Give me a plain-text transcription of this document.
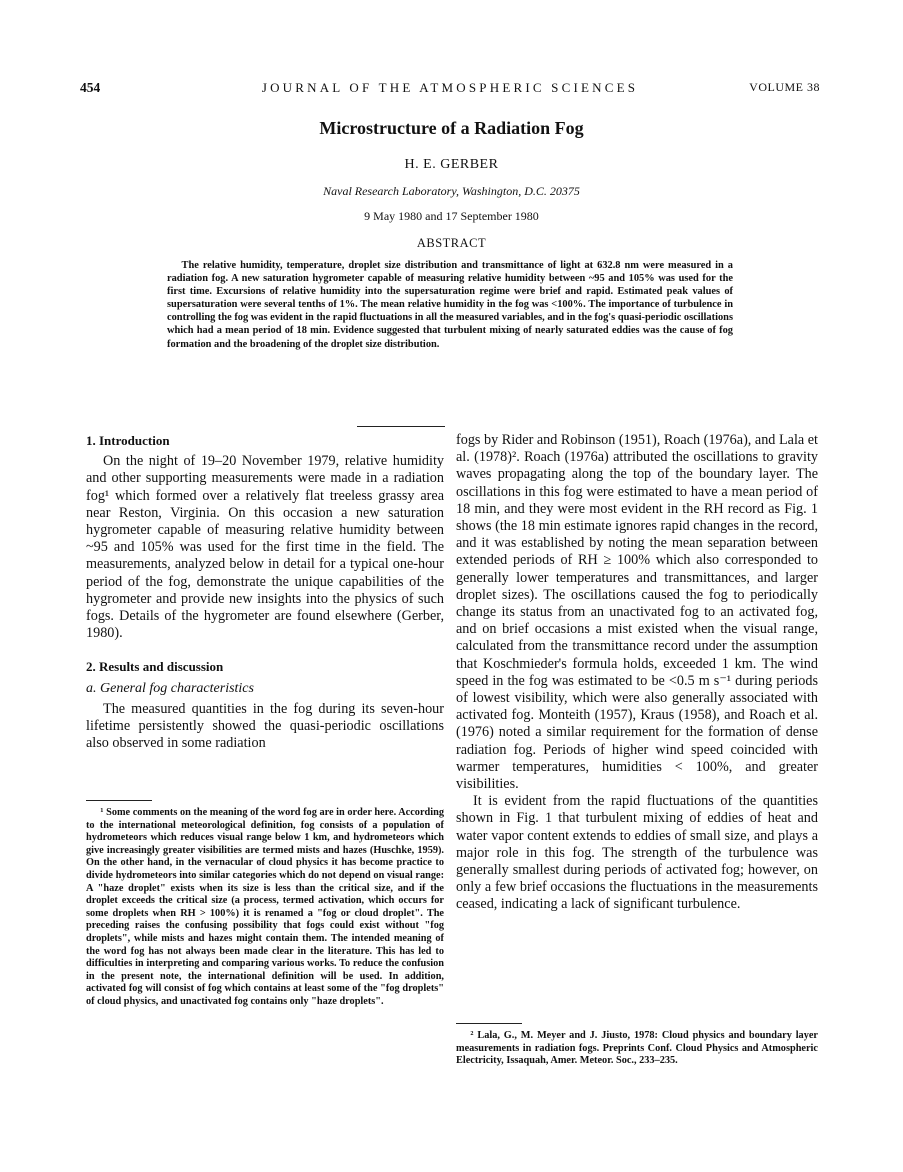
454	JOURNAL OF THE ATMOSPHERIC SCIENCES	VOLUME 38
Microstructure of a Radiation Fog
H. E. GERBER
Naval Research Laboratory, Washington, D.C. 20375
9 May 1980 and 17 September 1980
ABSTRACT

The relative humidity, temperature, droplet size distribution and transmittance of light at 632.8 nm were measured in a radiation fog. A new saturation hygrometer capable of measuring relative humidity between ~95 and 105% was used for the first time. Excursions of relative humidity into the supersaturation regime were brief and rapid. Estimated peak values of supersaturation were several tenths of 1%. The mean relative humidity in the fog was <100%. The importance of turbulence in controlling the fog was evident in the rapid fluctuations in all the measured variables, and in the fog's quasi-periodic oscillations which had a mean period of 18 min. Evidence suggested that turbulent mixing of nearly saturated eddies was the cause of fog formation and the broadening of the droplet size distribution.

1. Introduction

On the night of 19–20 November 1979, relative humidity and other supporting measurements were made in a radiation fog¹ which formed over a relatively flat treeless grassy area near Reston, Virginia. On this occasion a new saturation hygrometer capable of measuring relative humidity between ~95 and 105% was used for the first time in the field. The measurements, analyzed below in detail for a typical one-hour period of the fog, demonstrate the unique capabilities of the hygrometer and provide new insights into the physics of such fogs. Details of the hygrometer are found elsewhere (Gerber, 1980).

2. Results and discussion
a. General fog characteristics

The measured quantities in the fog during its seven-hour lifetime persistently showed the quasi-periodic oscillations also observed in some radiation

¹ Some comments on the meaning of the word fog are in order here. According to the international meteorological definition, fog consists of a population of hydrometeors which reduces visual range below 1 km, and hydrometeors which give increasingly greater visibilities are termed mists and hazes (Huschke, 1959). On the other hand, in the vernacular of cloud physics it has become practice to divide hydrometeors into similar categories which do not depend on visual range: A "haze droplet" exists when its size is less than the critical size, and if the droplet exceeds the critical size (a process, termed activation, which occurs for some droplets when RH > 100%) it is renamed a "fog or cloud droplet". The preceding raises the confusing possibility that fogs could exist without "fog droplets", while mists and hazes might contain them. The intended meaning of the word fog has not always been made clear in the literature. This has led to difficulties in interpreting and comparing various works. To reduce the confusion in the present note, the international definition will be used. In addition, activated fog will consist of fog which contains at least some of the "fog droplets" of cloud physics, and unactivated fog contains only "haze droplets".

fogs by Rider and Robinson (1951), Roach (1976a), and Lala et al. (1978)². Roach (1976a) attributed the oscillations to gravity waves propagating along the top of the boundary layer. The oscillations in this fog were estimated to have a mean period of 18 min, and they were most evident in the RH record as Fig. 1 shows (the 18 min estimate ignores rapid changes in the record, and it was established by noting the mean separation between extended periods of RH ≥ 100% which also corresponded to generally lower temperatures and transmittances, and larger droplet sizes). The oscillations caused the fog to periodically change its status from an unactivated fog to an activated fog, and on brief occasions a mist existed when the visual range, calculated from the transmittance record under the assumption that Koschmieder's formula holds, exceeded 1 km. The wind speed in the fog was estimated to be <0.5 m s⁻¹ during periods of lowest visibility, which were also generally associated with activated fog. Monteith (1957), Kraus (1958), and Roach et al. (1976) noted a similar requirement for the formation of dense radiation fog. Periods of higher wind speed coincided with warmer temperatures, humidities < 100%, and greater visibilities.

It is evident from the rapid fluctuations of the quantities shown in Fig. 1 that turbulent mixing of eddies of heat and water vapor content extends to eddies of small size, and plays a major role in this fog. The strength of the turbulence was generally smallest during periods of activated fog; however, on only a few brief occasions the fluctuations in the measurements ceased, indicating a lack of significant turbulence.

² Lala, G., M. Meyer and J. Jiusto, 1978: Cloud physics and boundary layer measurements in radiation fogs. Preprints Conf. Cloud Physics and Atmospheric Electricity, Issaquah, Amer. Meteor. Soc., 233–235.
